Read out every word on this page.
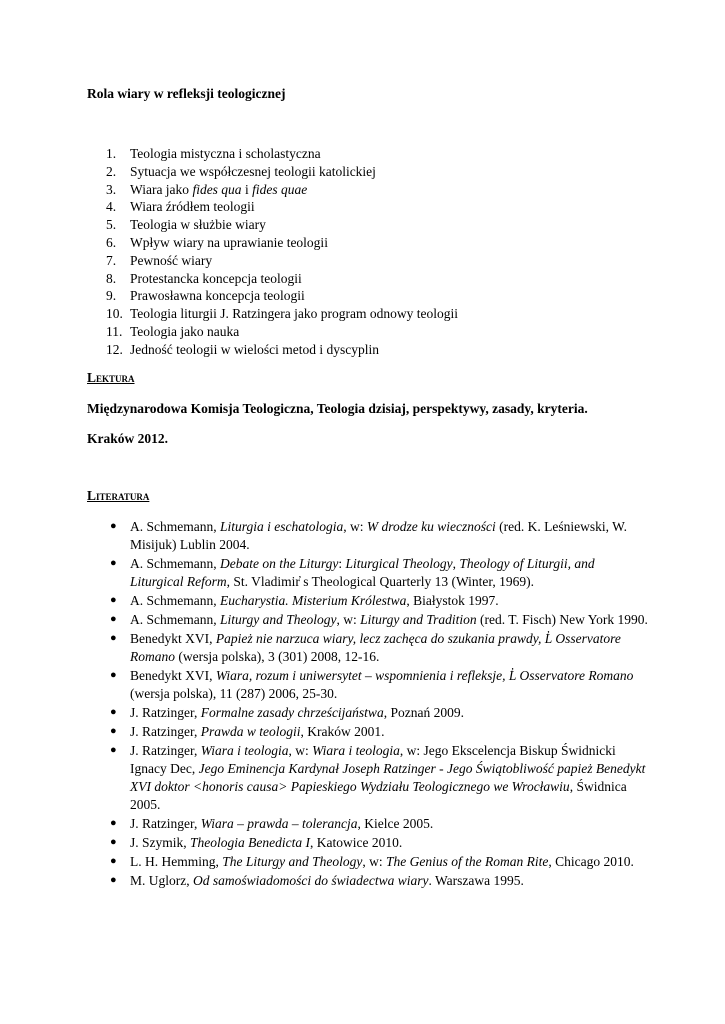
Rola wiary w refleksji teologicznej
1. Teologia mistyczna i scholastyczna
2. Sytuacja we współczesnej teologii katolickiej
3. Wiara jako fides qua i fides quae
4. Wiara źródłem teologii
5. Teologia w służbie wiary
6. Wpływ wiary na uprawianie teologii
7. Pewność wiary
8. Protestancka koncepcja teologii
9. Prawosławna koncepcja teologii
10. Teologia liturgii J. Ratzingera jako program odnowy teologii
11. Teologia jako nauka
12. Jedność teologii w wielości metod i dyscyplin
Lektura
Międzynarodowa Komisja Teologiczna, Teologia dzisiaj, perspektywy, zasady, kryteria.
Kraków 2012.
Literatura
● A. Schmemann, Liturgia i eschatologia, w: W drodze ku wieczności (red. K. Leśniewski, W. Misijuk) Lublin 2004.
● A. Schmemann, Debate on the Liturgy: Liturgical Theology, Theology of Liturgii, and Liturgical Reform, St. Vladimir̓ s Theological Quarterly 13 (Winter, 1969).
● A. Schmemann, Eucharystia. Misterium Królestwa, Białystok 1997.
● A. Schmemann, Liturgy and Theology, w: Liturgy and Tradition (red. T. Fisch) New York 1990.
● Benedykt XVI, Papież nie narzuca wiary, lecz zachęca do szukania prawdy, L̓ Osservatore Romano (wersja polska), 3 (301) 2008, 12-16.
● Benedykt XVI, Wiara, rozum i uniwersytet – wspomnienia i refleksje, L̓ Osservatore Romano (wersja polska), 11 (287) 2006, 25-30.
● J. Ratzinger, Formalne zasady chrześcijaństwa, Poznań 2009.
● J. Ratzinger, Prawda w teologii, Kraków 2001.
● J. Ratzinger, Wiara i teologia, w: Wiara i teologia, w: Jego Ekscelencja Biskup Świdnicki Ignacy Dec, Jego Eminencja Kardynał Joseph Ratzinger - Jego Świątobliwość papież Benedykt XVI doktor <honoris causa> Papieskiego Wydziału Teologicznego we Wrocławiu, Świdnica 2005.
● J. Ratzinger, Wiara – prawda – tolerancja, Kielce 2005.
● J. Szymik, Theologia Benedicta I, Katowice 2010.
● L. H. Hemming, The Liturgy and Theology, w: The Genius of the Roman Rite, Chicago 2010.
● M. Uglorz, Od samoświadomości do świadectwa wiary. Warszawa 1995.
